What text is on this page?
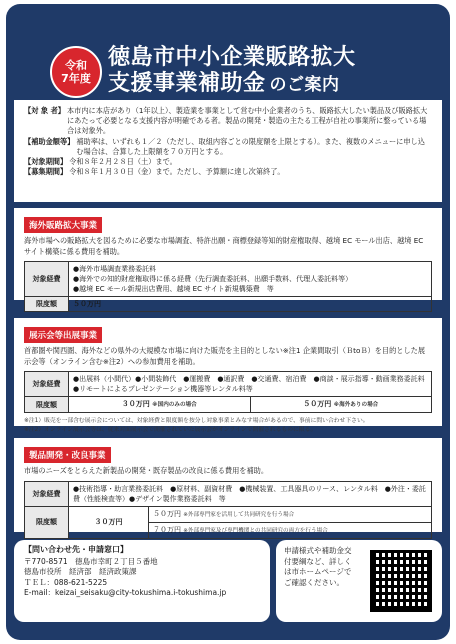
令和
7年度
徳島市中小企業販路拡大
支援事業補助金 のご案内
【対 象 者】 本市内に本店があり（1年以上）、製造業を事業として営む中小企業者のうち、販路拡大したい製品及び販路拡大にあたって必要となる支援内容が明確である者。製品の開発・製造の主たる工程が自社の事業所に整っている場合は対象外。
【補助金額等】 補助率は、いずれも１／２（ただし、取組内容ごとの限度額を上限とする）。また、複数のメニューに申し込む場合は、合算した上限額を７０万円とする。
【対象期間】 令和８年２月２８日（土）まで。
【募集期間】 令和８年１月３０日（金）まで。ただし、予算額に達し次第終了。
海外販路拡大事業
海外市場への販路拡大を図るために必要な市場調査、特許出願・商標登録等知的財産権取得、越境 EC モール出店、越境 EC サイト構築に係る費用を補助。
対象経費	●海外市場調査業務委託料
●海外での知的財産権取得に係る経費（先行調査委託料、出願手数料、代理人委託料等）
●越境 EC モール新規出店費用、越境 EC サイト新規構築費　等

限度額	５０万円
展示会等出展事業
首都圏や関西圏、海外などの県外の大規模な市場に向けた販売を主目的としない※注1 企業間取引（ＢtoＢ）を目的とした展示会等（オンライン含む※注2）への参加費用を補助。
対象経費	●出展料（小間代）●小間装飾代　●運搬費　●通訳費　●交通費、宿泊費　●商談・展示指導・動画業務委託料　●リモートによるプレゼンテーション機器等レンタル料等	

限度額	３０万円 ※国内のみの場合	５０万円 ※海外ありの場合
※注1）販売を一部含む展示会については、対象経費と限度額を按分し対象事業とみなす場合があるので、事前に問い合わせ下さい。
※注2）オンライン展示会等は、従来対面展示会で開催されていた展示会がオンラインで開催されるものに限る。
製品開発・改良事業
市場のニーズをとらえた新製品の開発・既存製品の改良に係る費用を補助。
対象経費	●技術指導・助言業務委託料　●原材料、副資材費　●機械装置、工具器具のリース、レンタル料　●外注・委託費（性能検査等）●デザイン製作業務委託料　等	

限度額	３０万円	５０万円 ※外部専門家を活用して共同研究を行う場合
		７０万円 ※外部専門家及び専門機関との共同研究の両方を行う場合
【問い合わせ先・申請窓口】
〒770-8571　徳島市幸町２丁目５番地
徳島市役所　経済部　経済政策課
ＴＥＬ：088-621-5225
E-mail：keizai_seisaku@city-tokushima.i-tokushima.jp
申請様式や補助金交付要綱など、詳しくは市ホームページでご確認ください。
